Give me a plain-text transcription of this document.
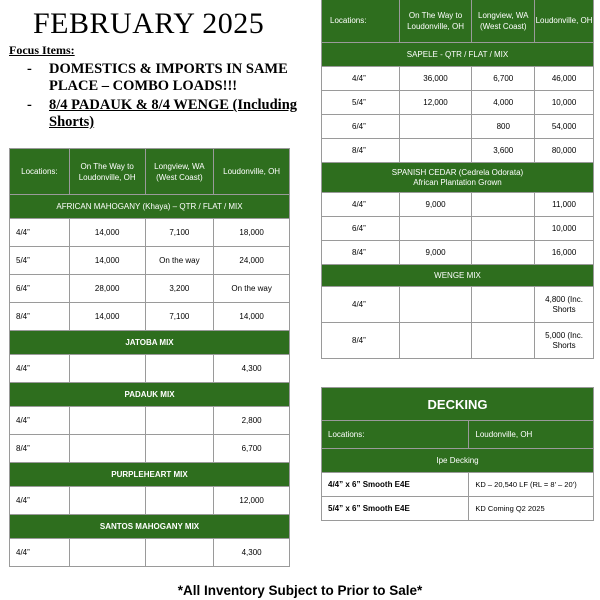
FEBRUARY 2025
Focus Items:
- DOMESTICS & IMPORTS IN SAME PLACE – COMBO LOADS!!!
- 8/4 PADAUK & 8/4 WENGE (Including Shorts)
Locations:	On The Way to Loudonville, OH	Longview, WA (West Coast)	Loudonville, OH
AFRICAN MAHOGANY (Khaya) – QTR / FLAT / MIX			
4/4”	14,000	7,100	18,000
5/4”	14,000	On the way	24,000
6/4”	28,000	3,200	On the way
8/4”	14,000	7,100	14,000
JATOBA MIX			
4/4”			4,300
PADAUK MIX			
4/4”			2,800
8/4”			6,700
PURPLEHEART MIX			
4/4”			12,000
SANTOS MAHOGANY MIX			
4/4”			4,300
Locations:	On The Way to Loudonville, OH	Longview, WA (West Coast)	Loudonville, OH
SAPELE - QTR / FLAT / MIX			
4/4”	36,000	6,700	46,000
5/4”	12,000	4,000	10,000
6/4”		800	54,000
8/4”		3,600	80,000

SPANISH CEDAR (Cedrela Odorata)
African Plantation Grown			

4/4”	9,000		11,000
6/4”			10,000
8/4”	9,000		16,000
WENGE MIX			
4/4”			4,800 (Inc. Shorts
8/4”			5,000 (Inc. Shorts
DECKING	
Locations:	Loudonville, OH
Ipe Decking	
4/4” x 6” Smooth E4E	KD – 20,540 LF (RL = 8’ – 20’)
5/4” x 6” Smooth E4E	KD Coming Q2 2025
*All Inventory Subject to Prior to Sale*
